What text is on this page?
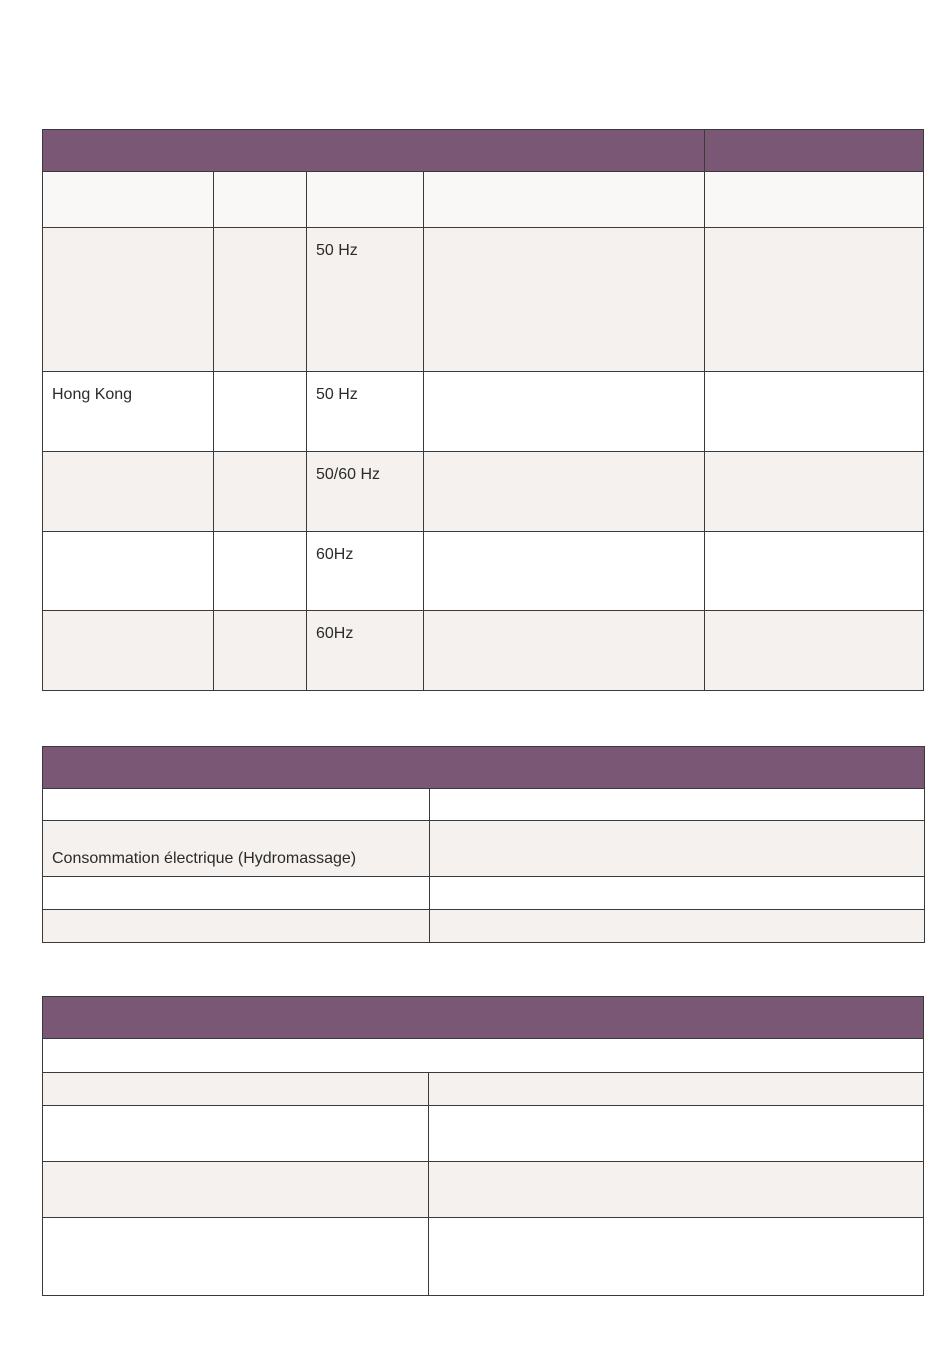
		50 Hz		

Hong Kong		50 Hz		

		50/60 Hz		

		60Hz		

		60Hz		

Consommation électrique (Hydromassage)	
